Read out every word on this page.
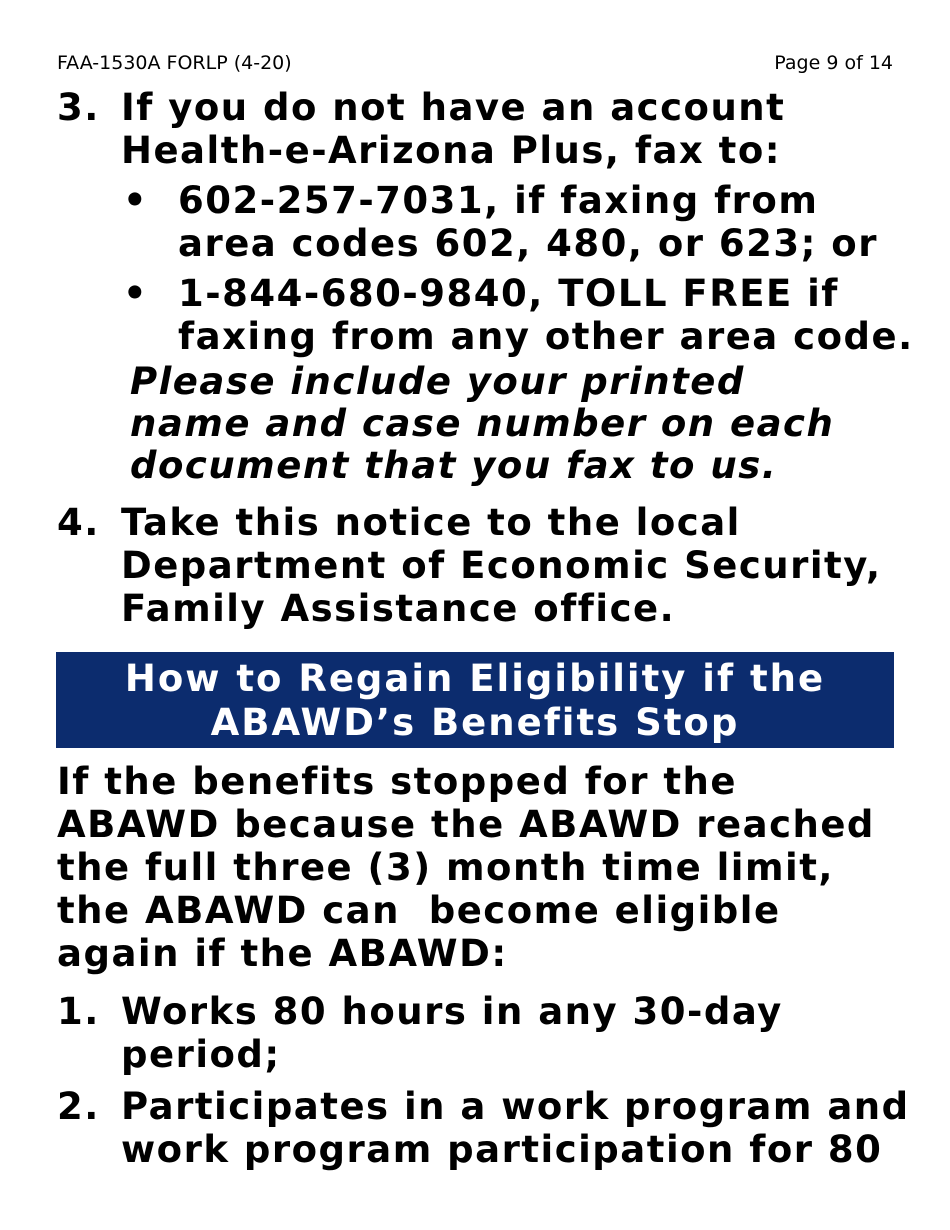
FAA-1530A FORLP (4-20)	Page 9 of 14
3. If you do not have an account
Health-e-Arizona Plus, fax to:
• 602-257-7031, if faxing from
area codes 602, 480, or 623; or
• 1-844-680-9840, TOLL FREE if
faxing from any other area code.
Please include your printed
name and case number on each
document that you fax to us.
4. Take this notice to the local
Department of Economic Security,
Family Assistance office.
How to Regain Eligibility if the
ABAWD’s Benefits Stop
If the benefits stopped for the
ABAWD because the ABAWD reached
the full three (3) month time limit,
the ABAWD can  become eligible
again if the ABAWD:
1. Works 80 hours in any 30-day
period;
2. Participates in a work program and
work program participation for 80
